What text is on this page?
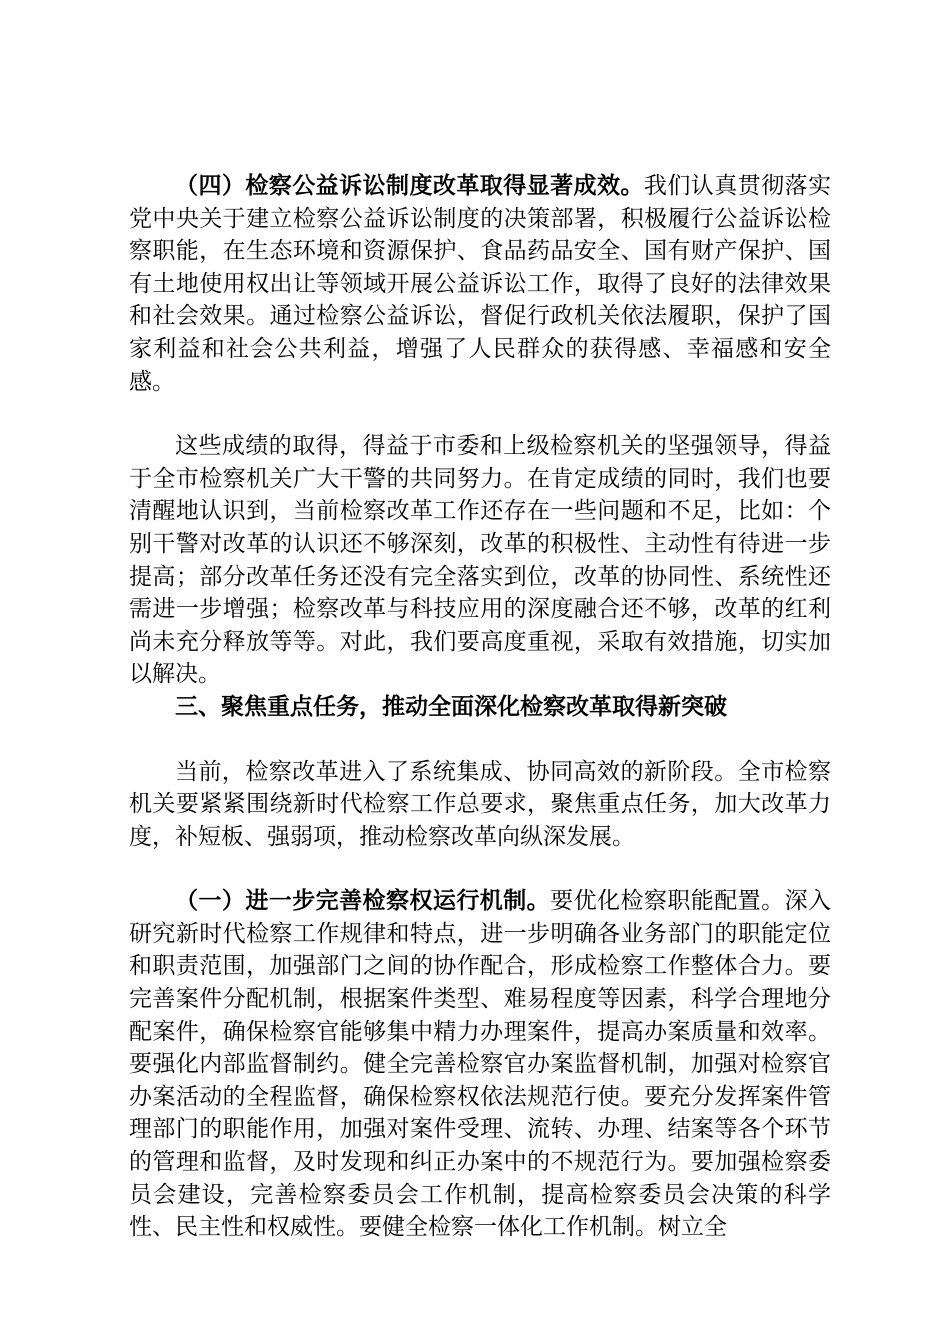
（四）检察公益诉讼制度改革取得显著成效。我们认真贯彻落实党中央关于建立检察公益诉讼制度的决策部署，积极履行公益诉讼检察职能，在生态环境和资源保护、食品药品安全、国有财产保护、国有土地使用权出让等领域开展公益诉讼工作，取得了良好的法律效果和社会效果。通过检察公益诉讼，督促行政机关依法履职，保护了国家利益和社会公共利益，增强了人民群众的获得感、幸福感和安全感。

这些成绩的取得，得益于市委和上级检察机关的坚强领导，得益于全市检察机关广大干警的共同努力。在肯定成绩的同时，我们也要清醒地认识到，当前检察改革工作还存在一些问题和不足，比如：个别干警对改革的认识还不够深刻，改革的积极性、主动性有待进一步提高；部分改革任务还没有完全落实到位，改革的协同性、系统性还需进一步增强；检察改革与科技应用的深度融合还不够，改革的红利尚未充分释放等等。对此，我们要高度重视，采取有效措施，切实加以解决。

三、聚焦重点任务，推动全面深化检察改革取得新突破

当前，检察改革进入了系统集成、协同高效的新阶段。全市检察机关要紧紧围绕新时代检察工作总要求，聚焦重点任务，加大改革力度，补短板、强弱项，推动检察改革向纵深发展。

（一）进一步完善检察权运行机制。要优化检察职能配置。深入研究新时代检察工作规律和特点，进一步明确各业务部门的职能定位和职责范围，加强部门之间的协作配合，形成检察工作整体合力。要完善案件分配机制，根据案件类型、难易程度等因素，科学合理地分配案件，确保检察官能够集中精力办理案件，提高办案质量和效率。要强化内部监督制约。健全完善检察官办案监督机制，加强对检察官办案活动的全程监督，确保检察权依法规范行使。要充分发挥案件管理部门的职能作用，加强对案件受理、流转、办理、结案等各个环节的管理和监督，及时发现和纠正办案中的不规范行为。要加强检察委员会建设，完善检察委员会工作机制，提高检察委员会决策的科学性、民主性和权威性。要健全检察一体化工作机制。树立全
